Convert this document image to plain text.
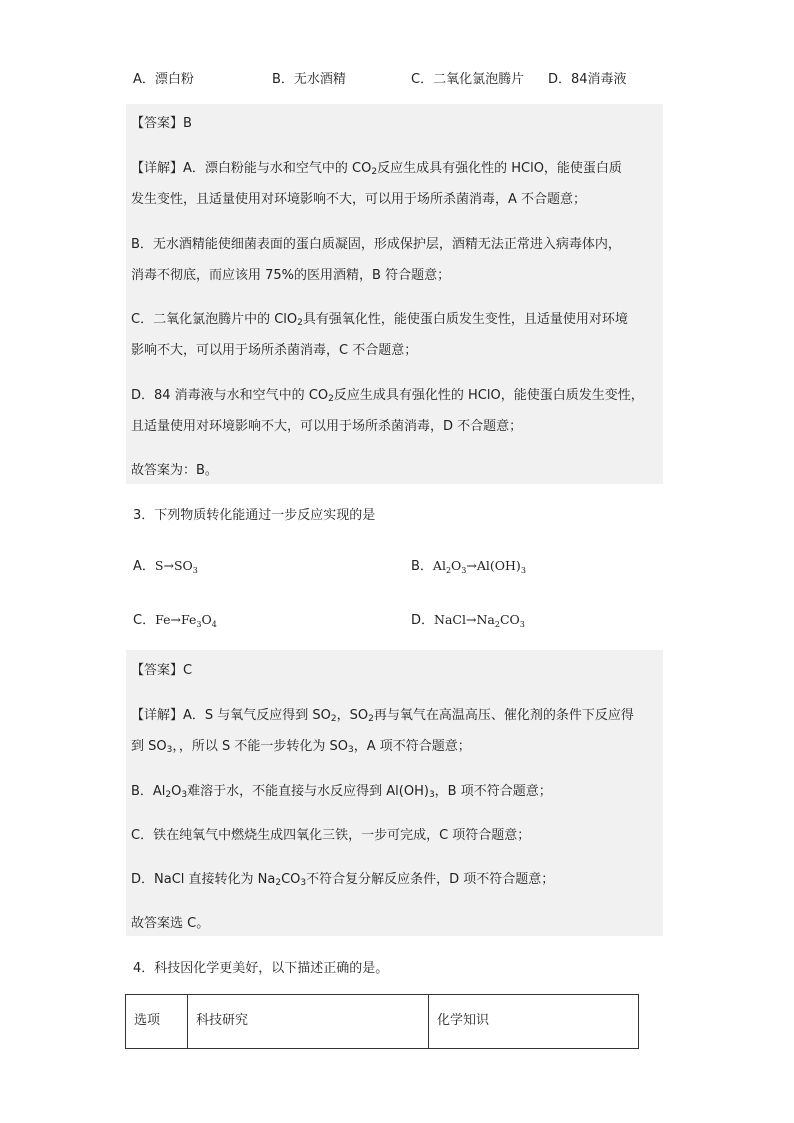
A．漂白粉	B．无水酒精	C．二氧化氯泡腾片 D．84消毒液
【答案】B
【详解】A．漂白粉能与水和空气中的 $CO_2$反应生成具有强化性的 HClO，能使蛋白质
发生变性，且适量使用对环境影响不大，可以用于场所杀菌消毒，A 不合题意；
B．无水酒精能使细菌表面的蛋白质凝固，形成保护层，酒精无法正常进入病毒体内，
消毒不彻底，而应该用 75%的医用酒精，B 符合题意；
C．二氧化氯泡腾片中的 ClO$_2$具有强氧化性，能使蛋白质发生变性，且适量使用对环境
影响不大，可以用于场所杀菌消毒，C 不合题意；
D．84 消毒液与水和空气中的 $CO_2$反应生成具有强化性的 HClO，能使蛋白质发生变性，
且适量使用对环境影响不大，可以用于场所杀菌消毒，D 不合题意；
故答案为：B。
3．下列物质转化能通过一步反应实现的是
A．$S\to SO_3$	B．$Al_2O_3\to Al(OH)_3$
C．$Fe\to Fe_3O_4$	D．$NaCl\to Na_2CO_3$
【答案】C
【详解】A．S 与氧气反应得到 $SO_2$，$SO_2$再与氧气在高温高压、催化剂的条件下反应得
到 $SO_3$，，所以 S 不能一步转化为 $SO_3$，A 项不符合题意；
B．$Al_2O_3$难溶于水，不能直接与水反应得到 $Al(OH)_3$，B 项不符合题意；
C．铁在纯氧气中燃烧生成四氧化三铁，一步可完成，C 项符合题意；
D．NaCl 直接转化为 $Na_2CO_3$不符合复分解反应条件，D 项不符合题意；
故答案选 C。
4．科技因化学更美好，以下描述正确的是。
选项	科技研究	化学知识
